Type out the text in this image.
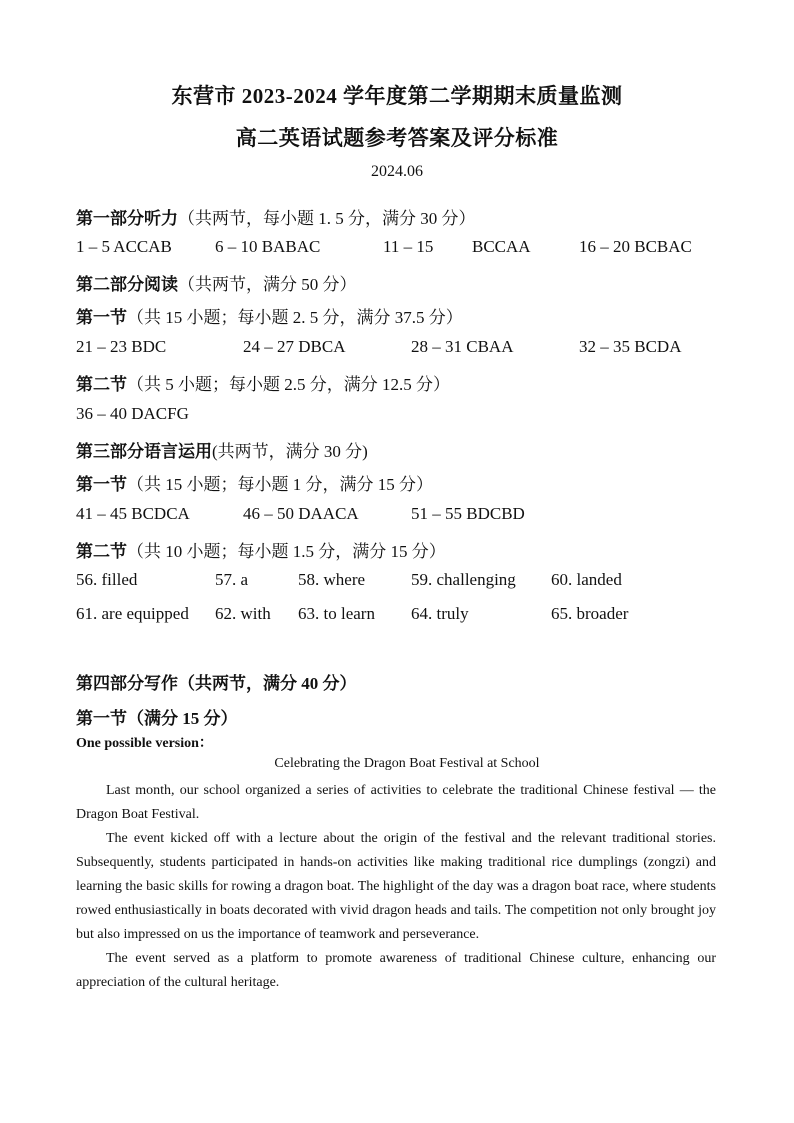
东营市 2023-2024 学年度第二学期期末质量监测
高二英语试题参考答案及评分标准
2024.06
第一部分听力（共两节，每小题 1. 5 分，满分 30 分）
1 – 5 ACCAB	6 – 10 BABAC	11 – 15 BCCAA	16 – 20 BCBAC
第二部分阅读（共两节，满分 50 分）
第一节（共 15 小题；每小题 2. 5 分，满分 37.5 分）
21 – 23 BDC	24 – 27 DBCA	28 – 31 CBAA	32 – 35 BCDA
第二节（共 5 小题；每小题 2.5 分，满分 12.5 分）
36 – 40 DACFG
第三部分语言运用(共两节，满分 30 分)
第一节（共 15 小题；每小题 1 分，满分 15 分）
41 – 45 BCDCA	46 – 50 DAACA	51 – 55 BDCBD
第二节（共 10 小题；每小题 1.5 分，满分 15 分）
56. filled	57. a	58. where	59. challenging 60. landed
61. are equipped 62. with 63. to learn 64. truly	65. broader
第四部分写作（共两节，满分 40 分）
第一节（满分 15 分）
One possible version：
Celebrating the Dragon Boat Festival at School

Last month, our school organized a series of activities to celebrate the traditional Chinese festival — the Dragon Boat Festival.

The event kicked off with a lecture about the origin of the festival and the relevant traditional stories. Subsequently, students participated in hands-on activities like making traditional rice dumplings (zongzi) and learning the basic skills for rowing a dragon boat. The highlight of the day was a dragon boat race, where students rowed enthusiastically in boats decorated with vivid dragon heads and tails. The competition not only brought joy but also impressed on us the importance of teamwork and perseverance.

The event served as a platform to promote awareness of traditional Chinese culture, enhancing our appreciation of the cultural heritage.
